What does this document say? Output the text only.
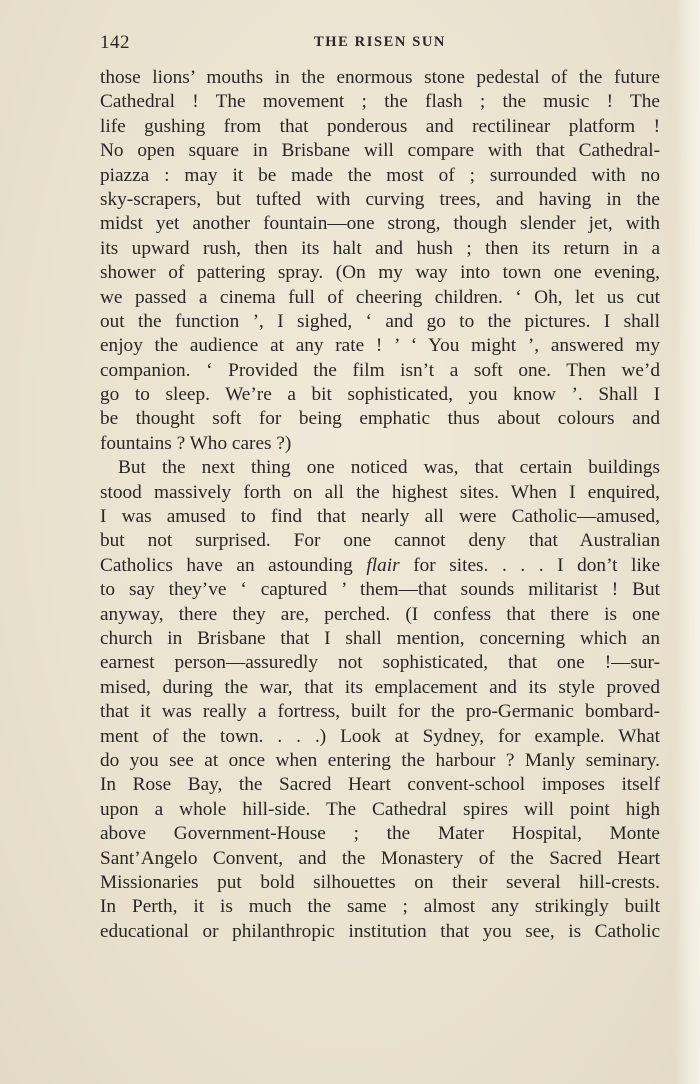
142	THE RISEN SUN
those lions’ mouths in the enormous stone pedestal of the future
Cathedral ! The movement ; the flash ; the music ! The
life gushing from that ponderous and rectilinear platform !
No open square in Brisbane will compare with that Cathedral-
piazza : may it be made the most of ; surrounded with no
sky-scrapers, but tufted with curving trees, and having in the
midst yet another fountain—one strong, though slender jet, with
its upward rush, then its halt and hush ; then its return in a
shower of pattering spray. (On my way into town one evening,
we passed a cinema full of cheering children. ‘ Oh, let us cut
out the function ’, I sighed, ‘ and go to the pictures. I shall
enjoy the audience at any rate ! ’ ‘ You might ’, answered my
companion. ‘ Provided the film isn’t a soft one. Then we’d
go to sleep. We’re a bit sophisticated, you know ’. Shall I
be thought soft for being emphatic thus about colours and
fountains ? Who cares ?)
But the next thing one noticed was, that certain buildings
stood massively forth on all the highest sites. When I enquired,
I was amused to find that nearly all were Catholic—amused,
but not surprised. For one cannot deny that Australian
Catholics have an astounding flair for sites. . . . I don’t like
to say they’ve ‘ captured ’ them—that sounds militarist ! But
anyway, there they are, perched. (I confess that there is one
church in Brisbane that I shall mention, concerning which an
earnest person—assuredly not sophisticated, that one !—sur-
mised, during the war, that its emplacement and its style proved
that it was really a fortress, built for the pro-Germanic bombard-
ment of the town. . . .) Look at Sydney, for example. What
do you see at once when entering the harbour ? Manly seminary.
In Rose Bay, the Sacred Heart convent-school imposes itself
upon a whole hill-side. The Cathedral spires will point high
above Government-House ; the Mater Hospital, Monte
Sant’Angelo Convent, and the Monastery of the Sacred Heart
Missionaries put bold silhouettes on their several hill-crests.
In Perth, it is much the same ; almost any strikingly built
educational or philanthropic institution that you see, is Catholic
